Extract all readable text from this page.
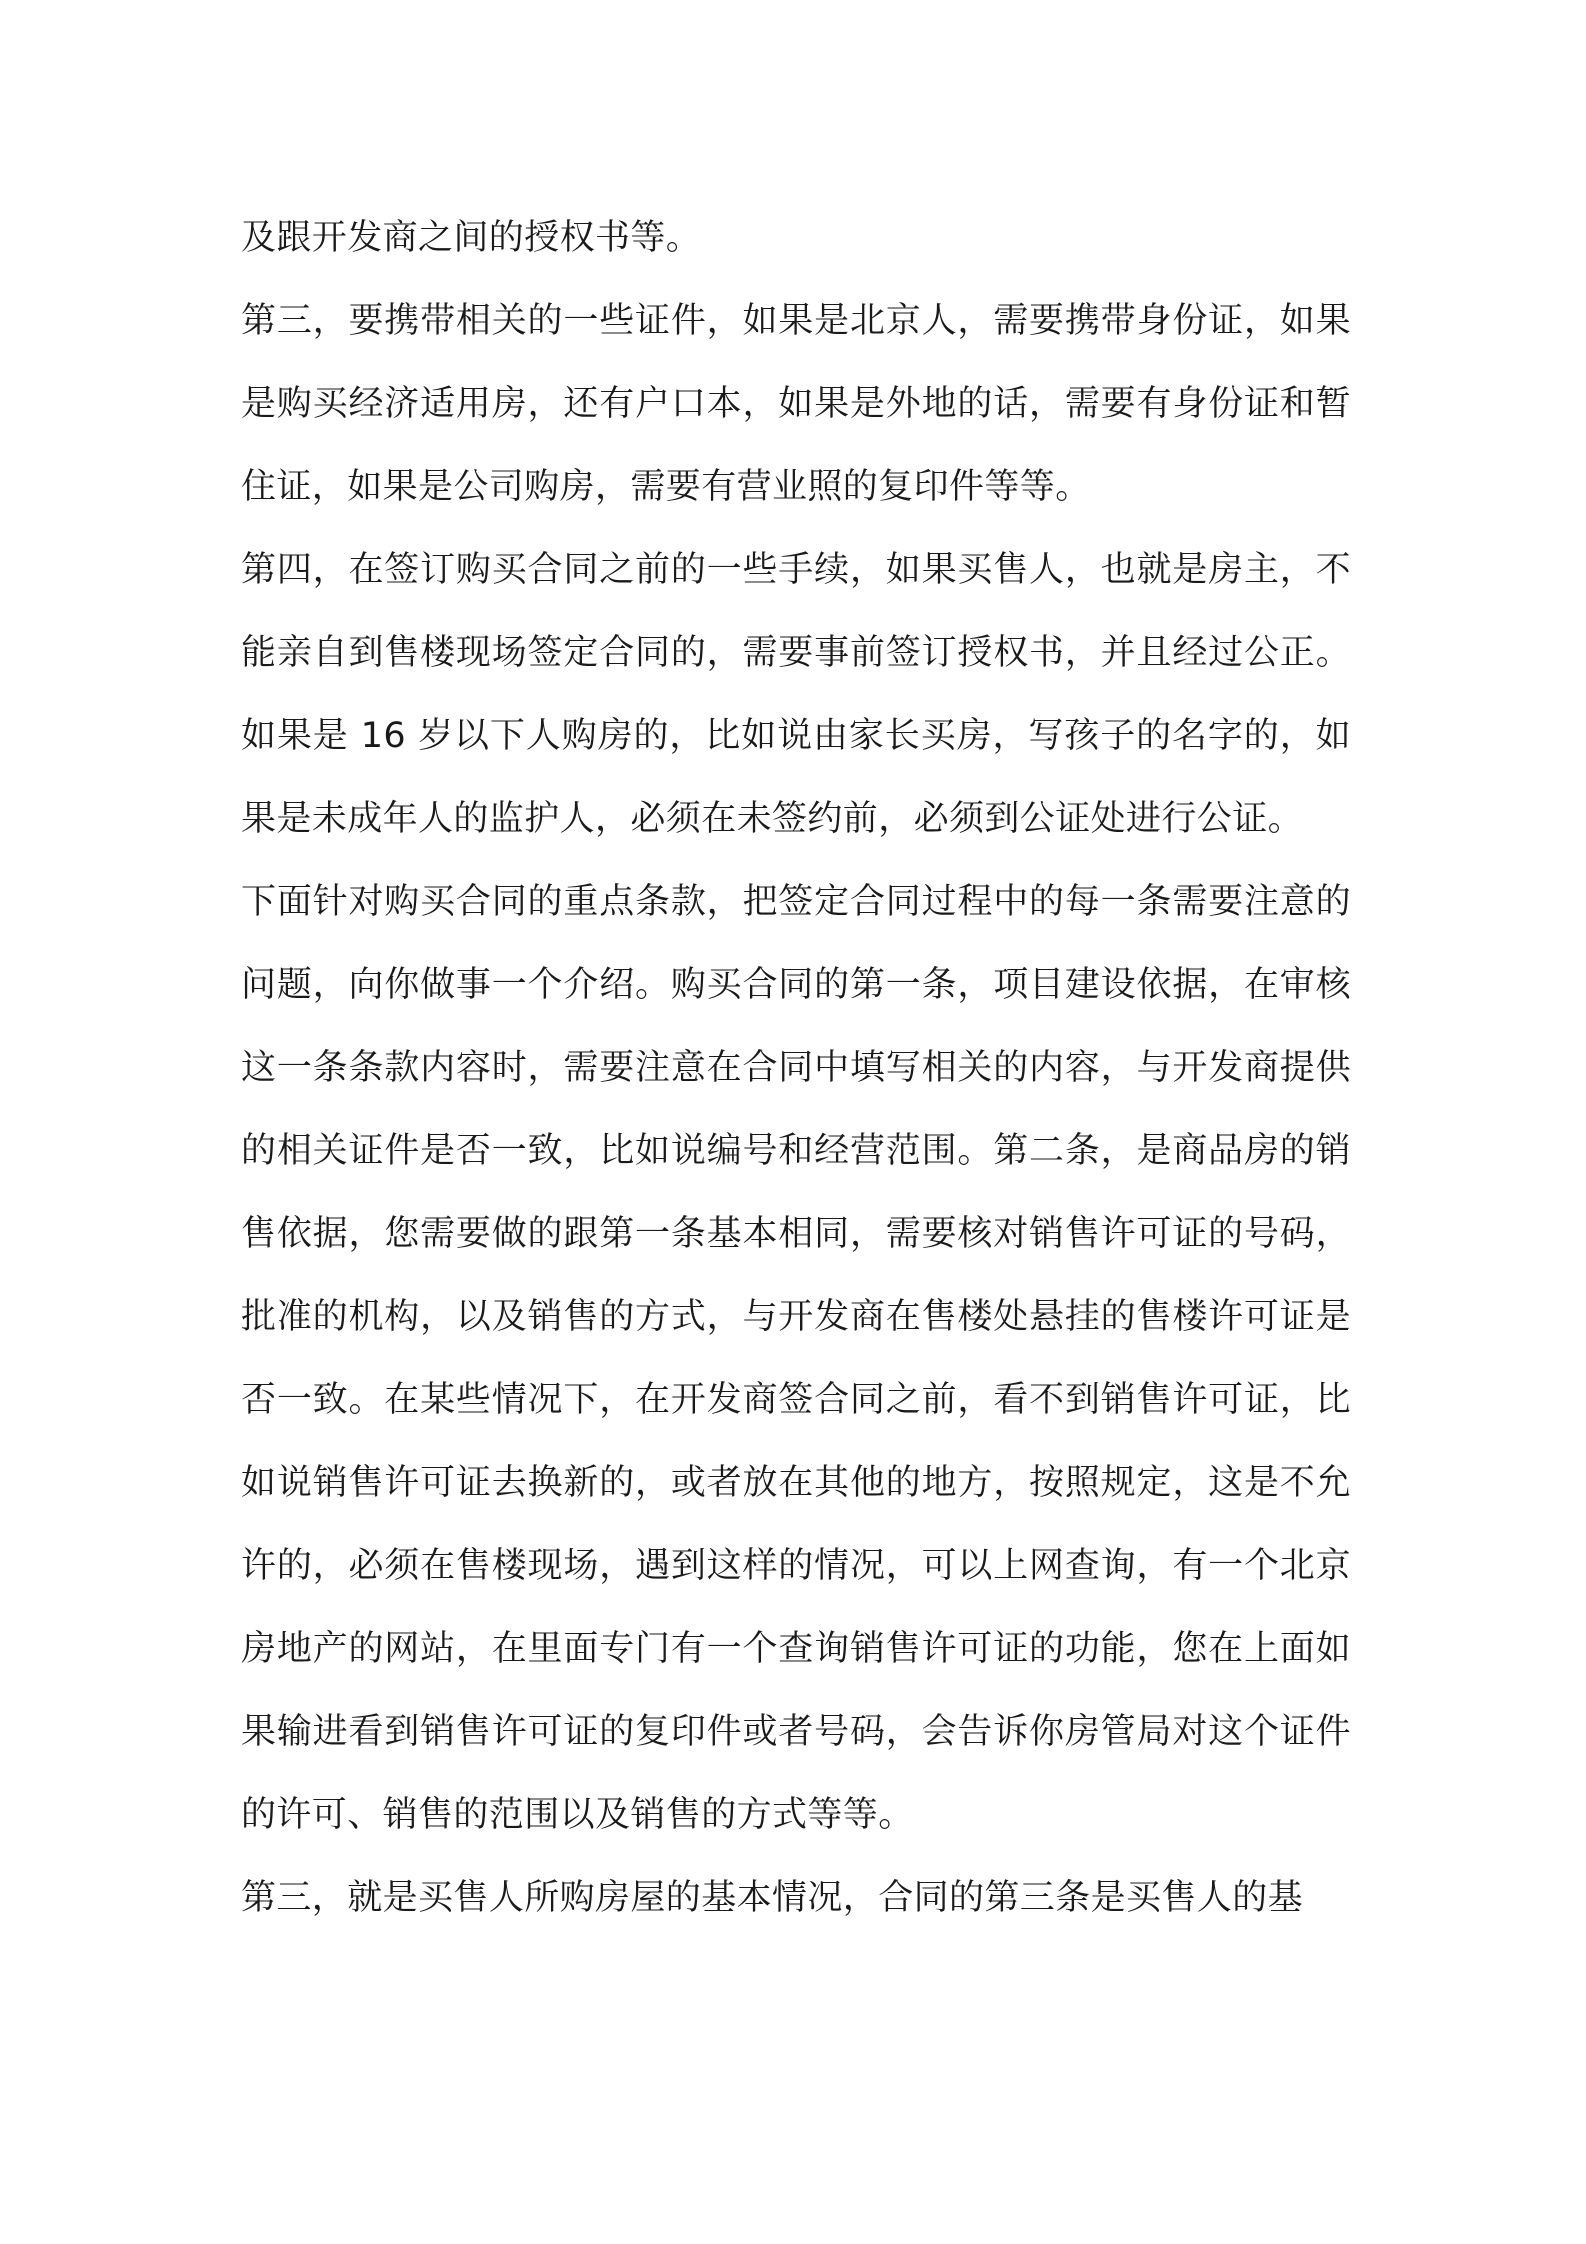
及跟开发商之间的授权书等。

第三，要携带相关的一些证件，如果是北京人，需要携带身份证，如果是购买经济适用房，还有户口本，如果是外地的话，需要有身份证和暂住证，如果是公司购房，需要有营业照的复印件等等。

第四，在签订购买合同之前的一些手续，如果买售人，也就是房主，不能亲自到售楼现场签定合同的，需要事前签订授权书，并且经过公正。如果是 16 岁以下人购房的，比如说由家长买房，写孩子的名字的，如果是未成年人的监护人，必须在未签约前，必须到公证处进行公证。

下面针对购买合同的重点条款，把签定合同过程中的每一条需要注意的问题，向你做事一个介绍。购买合同的第一条，项目建设依据，在审核这一条条款内容时，需要注意在合同中填写相关的内容，与开发商提供的相关证件是否一致，比如说编号和经营范围。第二条，是商品房的销售依据，您需要做的跟第一条基本相同，需要核对销售许可证的号码，批准的机构，以及销售的方式，与开发商在售楼处悬挂的售楼许可证是否一致。在某些情况下，在开发商签合同之前，看不到销售许可证，比如说销售许可证去换新的，或者放在其他的地方，按照规定，这是不允许的，必须在售楼现场，遇到这样的情况，可以上网查询，有一个北京房地产的网站，在里面专门有一个查询销售许可证的功能，您在上面如果输进看到销售许可证的复印件或者号码，会告诉你房管局对这个证件的许可、销售的范围以及销售的方式等等。

第三，就是买售人所购房屋的基本情况，合同的第三条是买售人的基
